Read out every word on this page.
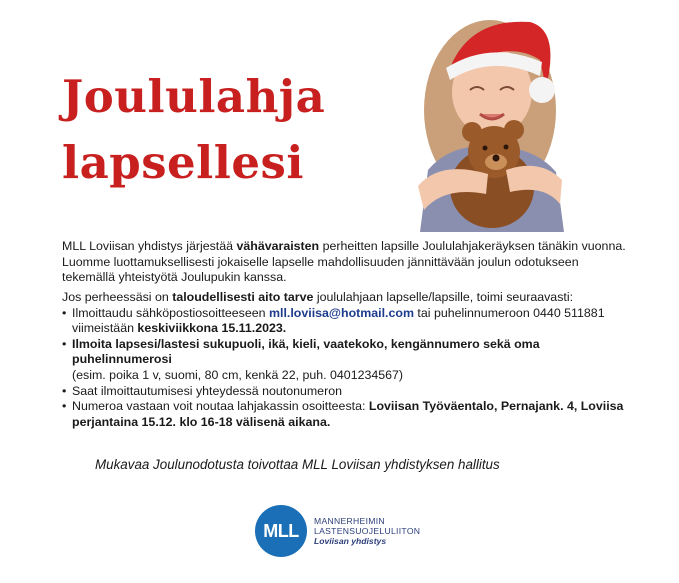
Joululahja
lapsellesi

MLL Loviisan yhdistys järjestää vähävaraisten perheitten lapsille Joululahjakeräyksen tänäkin vuonna.

Luomme luottamuksellisesti jokaiselle lapselle mahdollisuuden jännittävään joulun odotukseen

tekemällä yhteistyötä Joulupukin kanssa.

Jos perheessäsi on taloudellisesti aito tarve joululahjaan lapselle/lapsille, toimi seuraavasti:

• Ilmoittaudu sähköpostiosoitteeseen mll.loviisa@hotmail.com tai puhelinnumeroon 0440 511881
viimeistään keskiviikkona 15.11.2023.
• Ilmoita lapsesi/lastesi sukupuoli, ikä, kieli, vaatekoko, kengännumero sekä oma puhelinnumerosi
(esim. poika 1 v, suomi, 80 cm, kenkä 22, puh. 0401234567)
• Saat ilmoittautumisesi yhteydessä noutonumeron
• Numeroa vastaan voit noutaa lahjakassin osoitteesta: Loviisan Työväentalo, Pernajank. 4, Loviisa
perjantaina 15.12. klo 16-18 välisenä aikana.
Mukavaa Joulunodotusta toivottaa MLL Loviisan yhdistyksen hallitus
MLL	MANNERHEIMIN
LASTENSUOJELULIITON
Loviisan yhdistys
